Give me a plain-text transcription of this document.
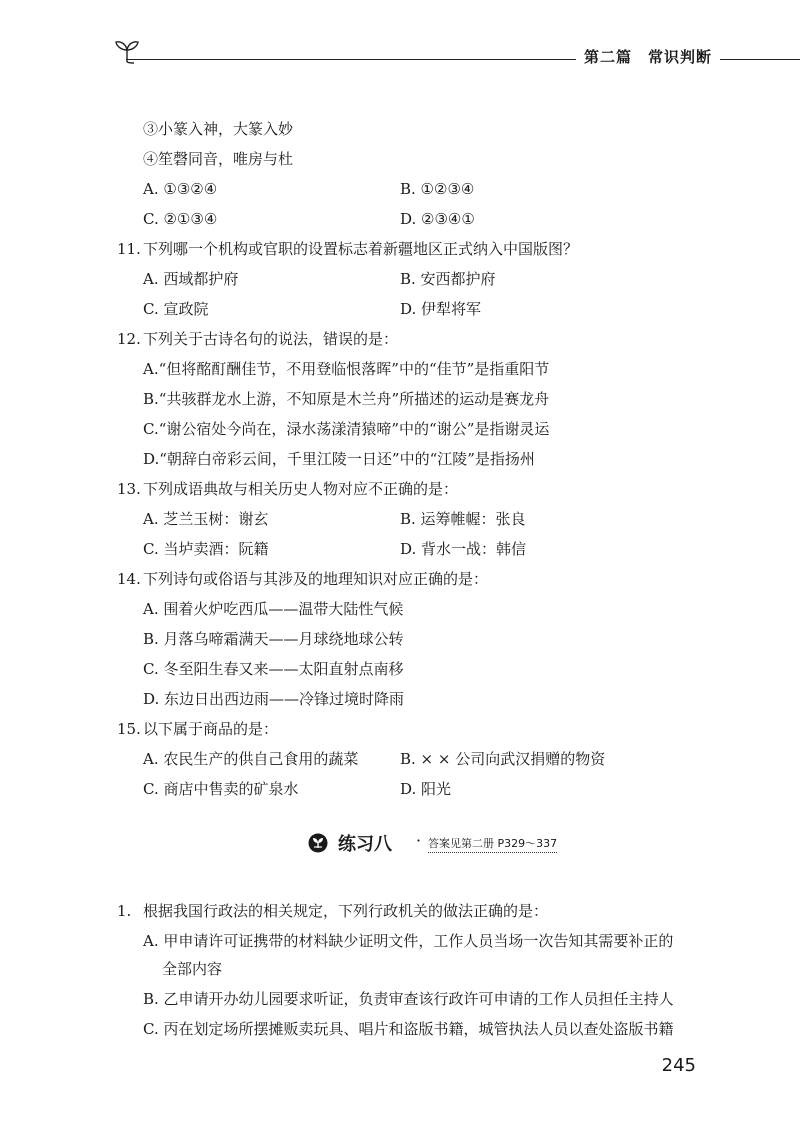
第二篇　常识判断
③小篆入神，大篆入妙
④笙磬同音，唯房与杜
A. ①③②④	B. ①②③④
C. ②①③④	D. ②③④①
11. 下列哪一个机构或官职的设置标志着新疆地区正式纳入中国版图？
A. 西域都护府	B. 安西都护府
C. 宣政院	D. 伊犁将军
12. 下列关于古诗名句的说法，错误的是：
A.“但将酩酊酬佳节，不用登临恨落晖”中的“佳节”是指重阳节
B.“共骇群龙水上游，不知原是木兰舟”所描述的运动是赛龙舟
C.“谢公宿处今尚在，渌水荡漾清猿啼”中的“谢公”是指谢灵运
D.“朝辞白帝彩云间，千里江陵一日还”中的“江陵”是指扬州
13. 下列成语典故与相关历史人物对应不正确的是：
A. 芝兰玉树：谢玄	B. 运筹帷幄：张良
C. 当垆卖酒：阮籍	D. 背水一战：韩信
14. 下列诗句或俗语与其涉及的地理知识对应正确的是：
A. 围着火炉吃西瓜——温带大陆性气候
B. 月落乌啼霜满天——月球绕地球公转
C. 冬至阳生春又来——太阳直射点南移
D. 东边日出西边雨——冷锋过境时降雨
15. 以下属于商品的是：
A. 农民生产的供自己食用的蔬菜	B. × × 公司向武汉捐赠的物资
C. 商店中售卖的矿泉水	D. 阳光
练习八 · 答案见第二册 P329～337
1. 根据我国行政法的相关规定，下列行政机关的做法正确的是：
A. 甲申请许可证携带的材料缺少证明文件，工作人员当场一次告知其需要补正的
全部内容
B. 乙申请开办幼儿园要求听证，负责审查该行政许可申请的工作人员担任主持人
C. 丙在划定场所摆摊贩卖玩具、唱片和盗版书籍，城管执法人员以查处盗版书籍
245
